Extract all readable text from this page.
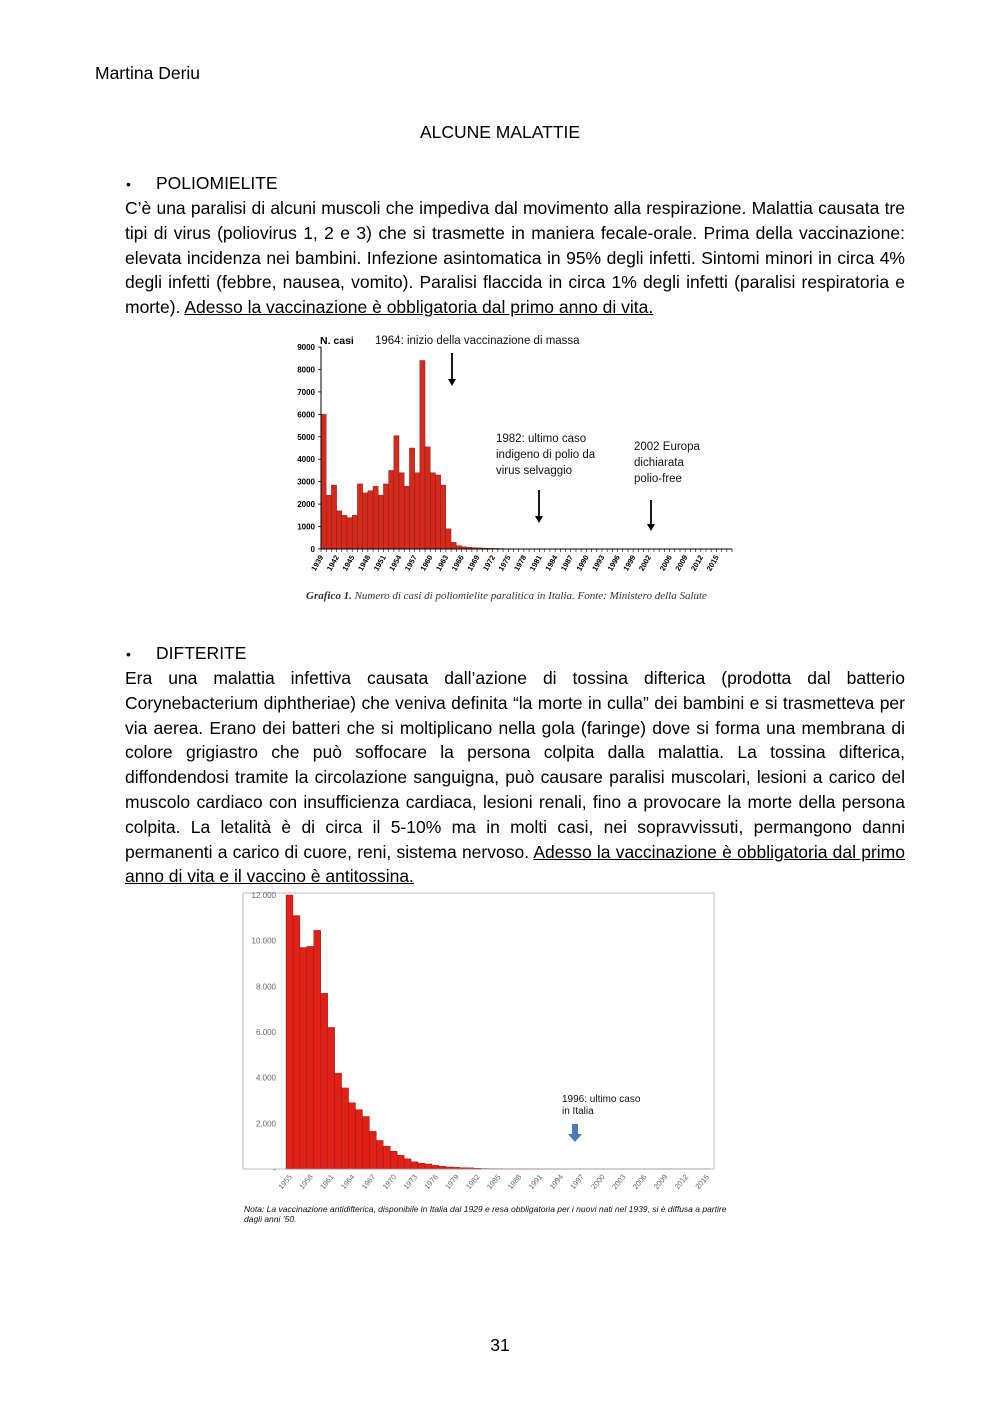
Martina Deriu
ALCUNE MALATTIE
• POLIOMIELITE
C’è una paralisi di alcuni muscoli che impediva dal movimento alla respirazione. Malattia causata tre tipi di virus (poliovirus 1, 2 e 3) che si trasmette in maniera fecale-orale. Prima della vaccinazione: elevata incidenza nei bambini. Infezione asintomatica in 95% degli infetti. Sintomi minori in circa 4% degli infetti (febbre, nausea, vomito). Paralisi flaccida in circa 1% degli infetti (paralisi respiratoria e morte). Adesso la vaccinazione è obbligatoria dal primo anno di vita.
N. casi
0
1000
2000
3000
4000
5000
6000
7000
8000
9000
1939 1942 1945 1948 1951 1954 1957 1960 1963 1966 1969 1972 1975 1978 1981 1984 1987 1990 1993 1996 1999 2002 2006 2009 2012 2015
1964: inizio della vaccinazione di massa
1982: ultimo caso
indigeno di polio da
virus selvaggio
2002 Europa
dichiarata
polio-free
Grafico 1. Numero di casi di poliomielite paralitica in Italia. Fonte: Ministero della Salute
• DIFTERITE
Era una malattia infettiva causata dall’azione di tossina difterica (prodotta dal batterio Corynebacterium diphtheriae) che veniva definita “la morte in culla” dei bambini e si trasmetteva per via aerea. Erano dei batteri che si moltiplicano nella gola (faringe) dove si forma una membrana di colore grigiastro che può soffocare la persona colpita dalla malattia. La tossina difterica, diffondendosi tramite la circolazione sanguigna, può causare paralisi muscolari, lesioni a carico del muscolo cardiaco con insufficienza cardiaca, lesioni renali, fino a provocare la morte della persona colpita. La letalità è di circa il 5-10% ma in molti casi, nei sopravvissuti, permangono danni permanenti a carico di cuore, reni, sistema nervoso. Adesso la vaccinazione è obbligatoria dal primo anno di vita e il vaccino è antitossina.
-
2.000
4.000
6.000
8.000
10.000
12.000
1955 1958 1961 1964 1967 1970 1973 1976 1979 1982 1985 1988 1991 1994 1997 2000 2003 2006 2009 2012 2015
1996: ultimo caso
in Italia
Nota: La vaccinazione antidifterica, disponibile in Italia dal 1929 e resa obbligatoria per i nuovi nati nel 1939, si è diffusa a partire dagli anni ’50.
31
